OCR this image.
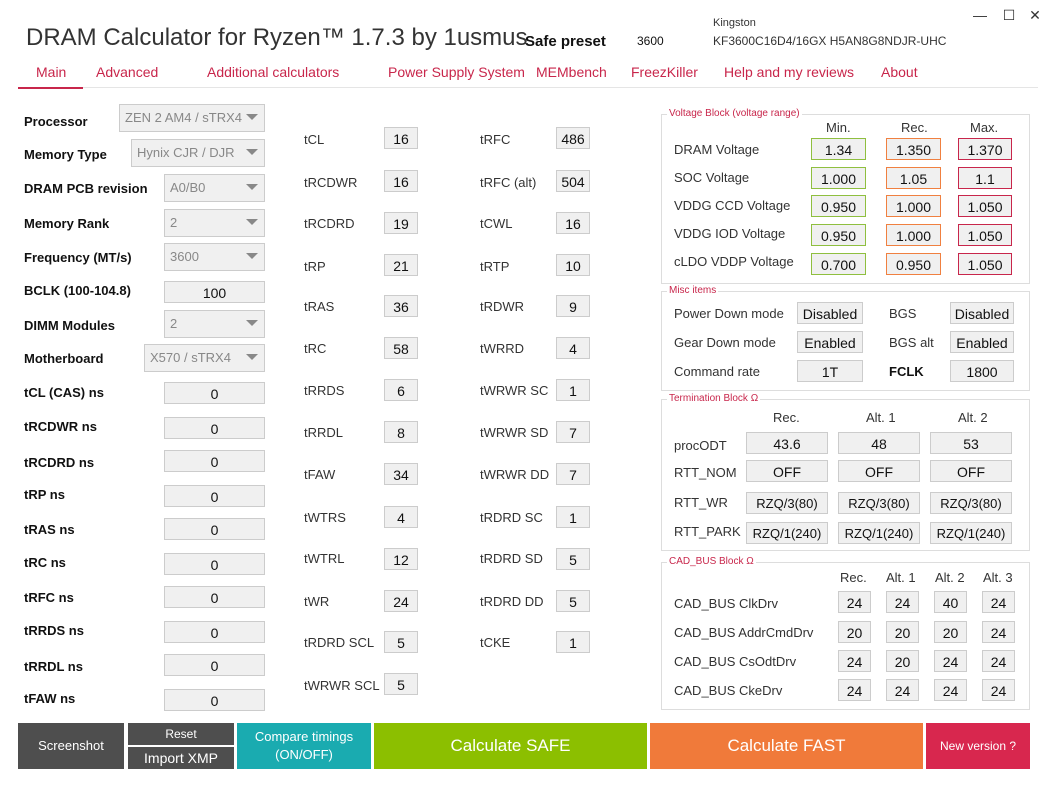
DRAM Calculator for Ryzen™ 1.7.3 by 1usmus
Safe preset	3600
Kingston
KF3600C16D4/16GX H5AN8G8NDJR-UHC
— ☐ ✕
Main	Advanced	Additional calculators	Power Supply System MEMbench FreezKiller Help and my reviews About
Processor	ZEN 2 AM4 / sTRX4
Memory Type	Hynix CJR / DJR
DRAM PCB revision	A0/B0
Memory Rank	2
Frequency (MT/s)	3600
BCLK (100-104.8)	100
DIMM Modules	2
Motherboard	X570 / sTRX4
tCL (CAS) ns	0
tRCDWR ns	0
tRCDRD ns	0
tRP ns	0
tRAS ns	0
tRC ns	0
tRFC ns	0
tRRDS ns	0
tRRDL ns	0
tFAW ns	0
tCL	16
tRCDWR	16
tRCDRD	19
tRP	21
tRAS	36
tRC	58
tRRDS	6
tRRDL	8
tFAW	34
tWTRS	4
tWTRL	12
tWR	24
tRDRD SCL	5
tWRWR SCL	5
tRFC	486
tRFC (alt)	504
tCWL	16
tRTP	10
tRDWR	9
tWRRD	4
tWRWR SC	1
tWRWR SD	7
tWRWR DD	7
tRDRD SC	1
tRDRD SD	5
tRDRD DD	5
tCKE	1
Voltage Block (voltage range)
Min.	Rec.	Max.
DRAM Voltage	1.34	1.350	1.370
SOC Voltage	1.000	1.05	1.1
VDDG CCD Voltage	0.950	1.000	1.050
VDDG IOD Voltage	0.950	1.000	1.050
cLDO VDDP Voltage	0.700	0.950	1.050
Misc items
Power Down mode	Disabled	BGS	Disabled
Gear Down mode	Enabled	BGS alt	Enabled
Command rate	1T	FCLK	1800
Termination Block Ω
Rec.	Alt. 1	Alt. 2
procODT	43.6	48	53
RTT_NOM	OFF	OFF	OFF
RTT_WR	RZQ/3(80)	RZQ/3(80)	RZQ/3(80)
RTT_PARK RZQ/1(240)	RZQ/1(240)	RZQ/1(240)
CAD_BUS Block Ω
Rec. Alt. 1 Alt. 2 Alt. 3
CAD_BUS ClkDrv	24	24	40	24
CAD_BUS AddrCmdDrv	20	20	20	24
CAD_BUS CsOdtDrv	24	20	24	24
CAD_BUS CkeDrv	24	24	24	24
Screenshot
Reset
Import XMP
Compare timings
(ON/OFF)	Calculate SAFE	Calculate FAST	New version ?
